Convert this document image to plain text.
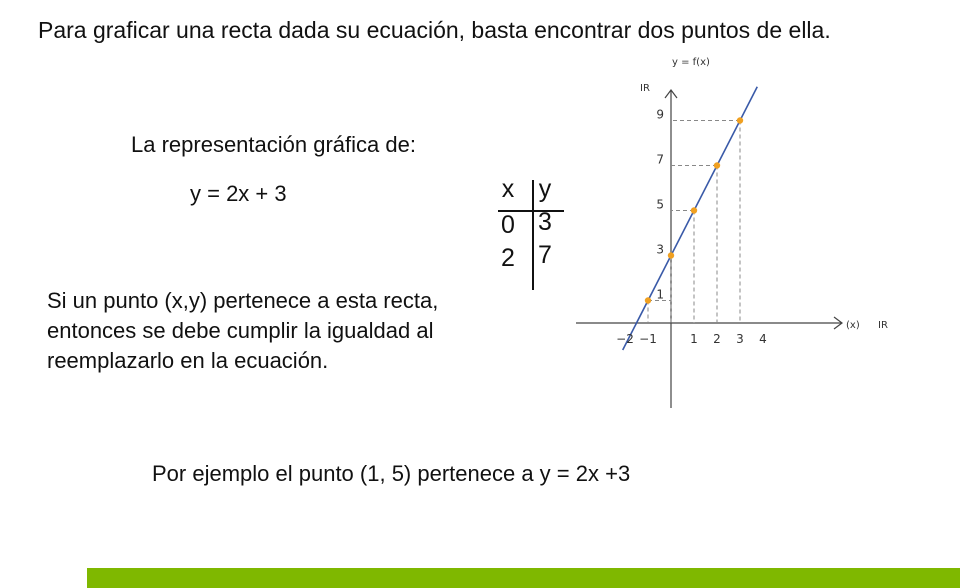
Para graficar una recta dada su ecuación, basta encontrar dos puntos de ella.
La representación gráfica de:
y = 2x + 3	x y
0 3
2 7
Si un punto (x,y) pertenece a esta recta, entonces se debe cumplir la igualdad al reemplazarlo en la ecuación.
Por ejemplo el punto (1, 5) pertenece a y = 2x +3
−2 −1	1 2 3 4
1
3
5
7
9
y = f(x)
IR
(x) IR
